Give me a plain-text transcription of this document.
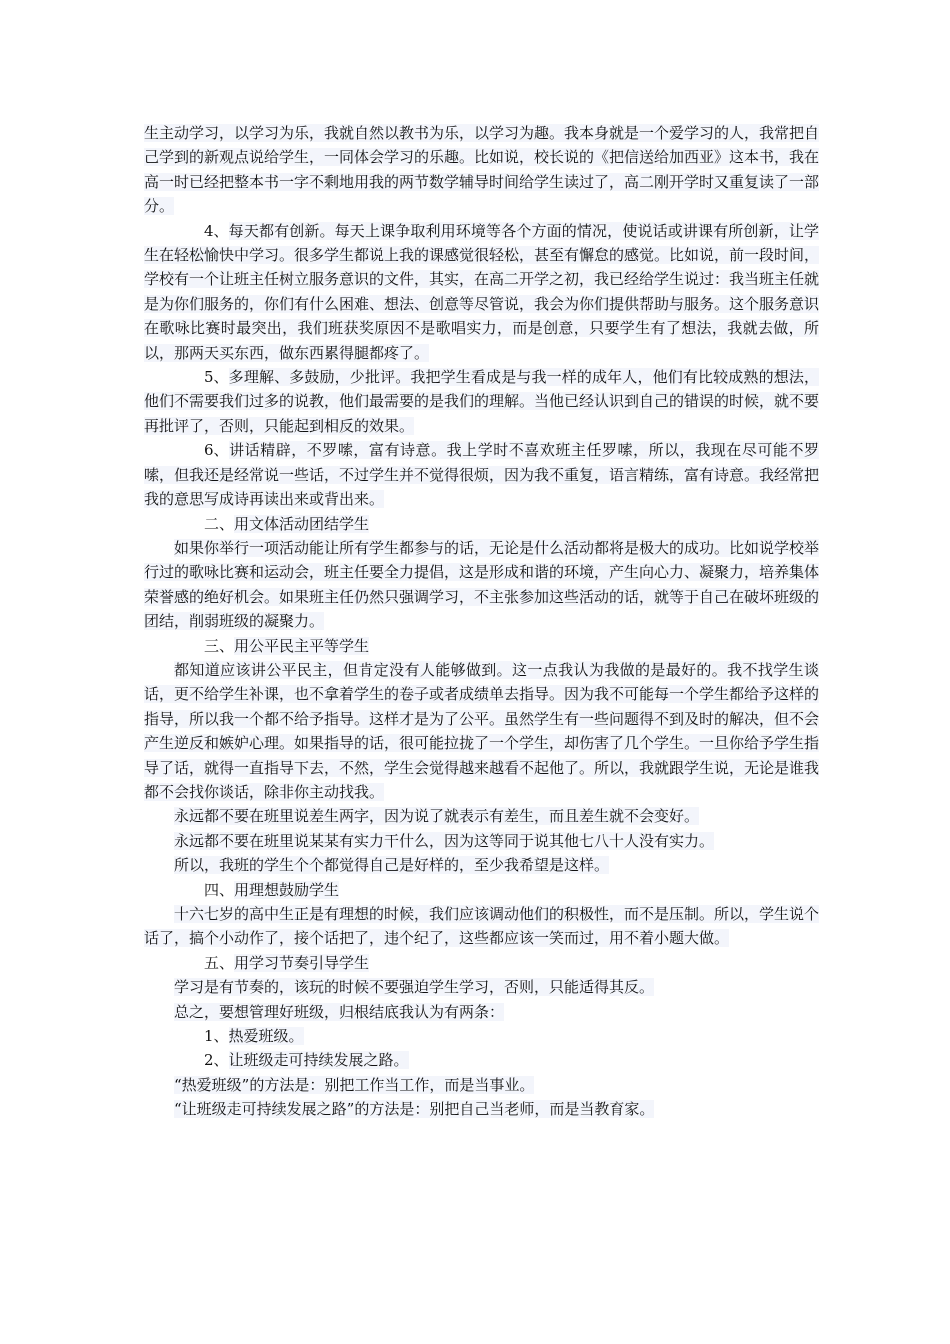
生主动学习，以学习为乐，我就自然以教书为乐，以学习为趣。我本身就是一个爱学习的人，我常把自己学到的新观点说给学生，一同体会学习的乐趣。比如说，校长说的《把信送给加西亚》这本书，我在高一时已经把整本书一字不剩地用我的两节数学辅导时间给学生读过了，高二刚开学时又重复读了一部分。

4、每天都有创新。每天上课争取利用环境等各个方面的情况，使说话或讲课有所创新，让学生在轻松愉快中学习。很多学生都说上我的课感觉很轻松，甚至有懈怠的感觉。比如说，前一段时间，学校有一个让班主任树立服务意识的文件，其实，在高二开学之初，我已经给学生说过：我当班主任就是为你们服务的，你们有什么困难、想法、创意等尽管说，我会为你们提供帮助与服务。这个服务意识在歌咏比赛时最突出，我们班获奖原因不是歌唱实力，而是创意，只要学生有了想法，我就去做，所以，那两天买东西，做东西累得腿都疼了。

5、多理解、多鼓励，少批评。我把学生看成是与我一样的成年人，他们有比较成熟的想法，他们不需要我们过多的说教，他们最需要的是我们的理解。当他已经认识到自己的错误的时候，就不要再批评了，否则，只能起到相反的效果。

6、讲话精辟，不罗嗦，富有诗意。我上学时不喜欢班主任罗嗦，所以，我现在尽可能不罗嗦，但我还是经常说一些话，不过学生并不觉得很烦，因为我不重复，语言精练，富有诗意。我经常把我的意思写成诗再读出来或背出来。

二、用文体活动团结学生

如果你举行一项活动能让所有学生都参与的话，无论是什么活动都将是极大的成功。比如说学校举行过的歌咏比赛和运动会，班主任要全力提倡，这是形成和谐的环境，产生向心力、凝聚力，培养集体荣誉感的绝好机会。如果班主任仍然只强调学习，不主张参加这些活动的话，就等于自己在破坏班级的团结，削弱班级的凝聚力。

三、用公平民主平等学生

都知道应该讲公平民主，但肯定没有人能够做到。这一点我认为我做的是最好的。我不找学生谈话，更不给学生补课，也不拿着学生的卷子或者成绩单去指导。因为我不可能每一个学生都给予这样的指导，所以我一个都不给予指导。这样才是为了公平。虽然学生有一些问题得不到及时的解决，但不会产生逆反和嫉妒心理。如果指导的话，很可能拉拢了一个学生，却伤害了几个学生。一旦你给予学生指导了话，就得一直指导下去，不然，学生会觉得越来越看不起他了。所以，我就跟学生说，无论是谁我都不会找你谈话，除非你主动找我。

永远都不要在班里说差生两字，因为说了就表示有差生，而且差生就不会变好。

永远都不要在班里说某某有实力干什么，因为这等同于说其他七八十人没有实力。

所以，我班的学生个个都觉得自己是好样的，至少我希望是这样。

四、用理想鼓励学生

十六七岁的高中生正是有理想的时候，我们应该调动他们的积极性，而不是压制。所以，学生说个话了，搞个小动作了，接个话把了，违个纪了，这些都应该一笑而过，用不着小题大做。

五、用学习节奏引导学生

学习是有节奏的，该玩的时候不要强迫学生学习，否则，只能适得其反。

总之，要想管理好班级，归根结底我认为有两条：

1、热爱班级。

2、让班级走可持续发展之路。

“热爱班级”的方法是：别把工作当工作，而是当事业。

“让班级走可持续发展之路”的方法是：别把自己当老师，而是当教育家。
